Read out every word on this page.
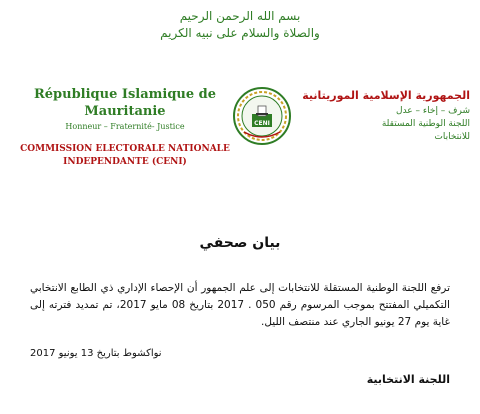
بسم الله الرحمن الرحيم
والصلاة والسلام على نبيه الكريم
République Islamique de Mauritanie
Honneur – Fraternité- Justice
COMMISSION ELECTORALE NATIONALE INDEPENDANTE (CENI)
CENI
الجمهورية الإسلامية الموريتانية
شرف – إخاء – عدل
اللجنة الوطنية المستقلة
للانتخابات
بيان صحفي
ترفع اللجنة الوطنية المستقلة للانتخابات إلى علم الجمهور أن الإحصاء الإداري ذي الطابع الانتخابي التكميلي المفتتح بموجب المرسوم رقم 050 . 2017 بتاريخ 08 مايو 2017، تم تمديد فترته إلى غاية يوم 27 يونيو الجاري عند منتصف الليل.
نواكشوط بتاريخ 13 يونيو 2017
اللجنة الانتخابية
